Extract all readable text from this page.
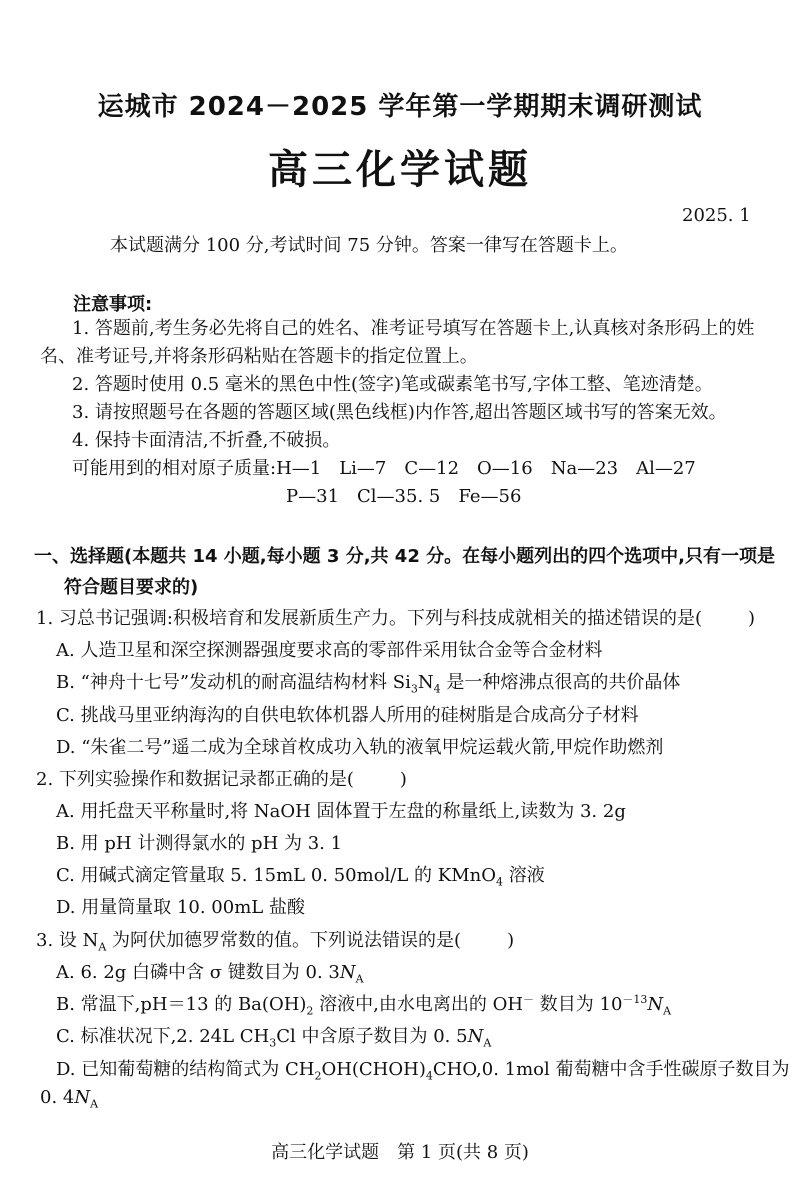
运城市 2024－2025 学年第一学期期末调研测试
高三化学试题
2025. 1
本试题满分 100 分,考试时间 75 分钟。答案一律写在答题卡上。
注意事项:
1. 答题前,考生务必先将自己的姓名、准考证号填写在答题卡上,认真核对条形码上的姓
名、准考证号,并将条形码粘贴在答题卡的指定位置上。
2. 答题时使用 0.5 毫米的黑色中性(签字)笔或碳素笔书写,字体工整、笔迹清楚。
3. 请按照题号在各题的答题区域(黑色线框)内作答,超出答题区域书写的答案无效。
4. 保持卡面清洁,不折叠,不破损。
可能用到的相对原子质量:H—1　Li—7　C—12　O—16　Na—23　Al—27
P—31　Cl—35. 5　Fe—56
一、选择题(本题共 14 小题,每小题 3 分,共 42 分。在每小题列出的四个选项中,只有一项是
符合题目要求的)
1. 习总书记强调:积极培育和发展新质生产力。下列与科技成就相关的描述错误的是(	)
A. 人造卫星和深空探测器强度要求高的零部件采用钛合金等合金材料
B. “神舟十七号”发动机的耐高温结构材料 $Si_3N_4$ 是一种熔沸点很高的共价晶体
C. 挑战马里亚纳海沟的自供电软体机器人所用的硅树脂是合成高分子材料
D. “朱雀二号”遥二成为全球首枚成功入轨的液氧甲烷运载火箭,甲烷作助燃剂
2. 下列实验操作和数据记录都正确的是(	)
A. 用托盘天平称量时,将 NaOH 固体置于左盘的称量纸上,读数为 3. 2g
B. 用 pH 计测得氯水的 pH 为 3. 1
C. 用碱式滴定管量取 5. 15mL 0. 50mol/L 的 KMnO$_4$ 溶液
D. 用量筒量取 10. 00mL 盐酸
3. 设 $N_A$ 为阿伏加德罗常数的值。下列说法错误的是(	)
A. 6. 2g 白磷中含 σ 键数目为 0. $3N_A$
B. 常温下,pH＝13 的 $Ba(OH)_2$ 溶液中,由水电离出的 OH－ 数目为 $10^{-13}N_A$
C. 标准状况下,2. 24L $CH_3Cl$ 中含原子数目为 0. $5N_A$
D. 已知葡萄糖的结构简式为 $CH_2OH(CHOH)_4CHO,0$. 1mol 葡萄糖中含手性碳原子数目为
0. $4N_A$
高三化学试题　第 1 页(共 8 页)
